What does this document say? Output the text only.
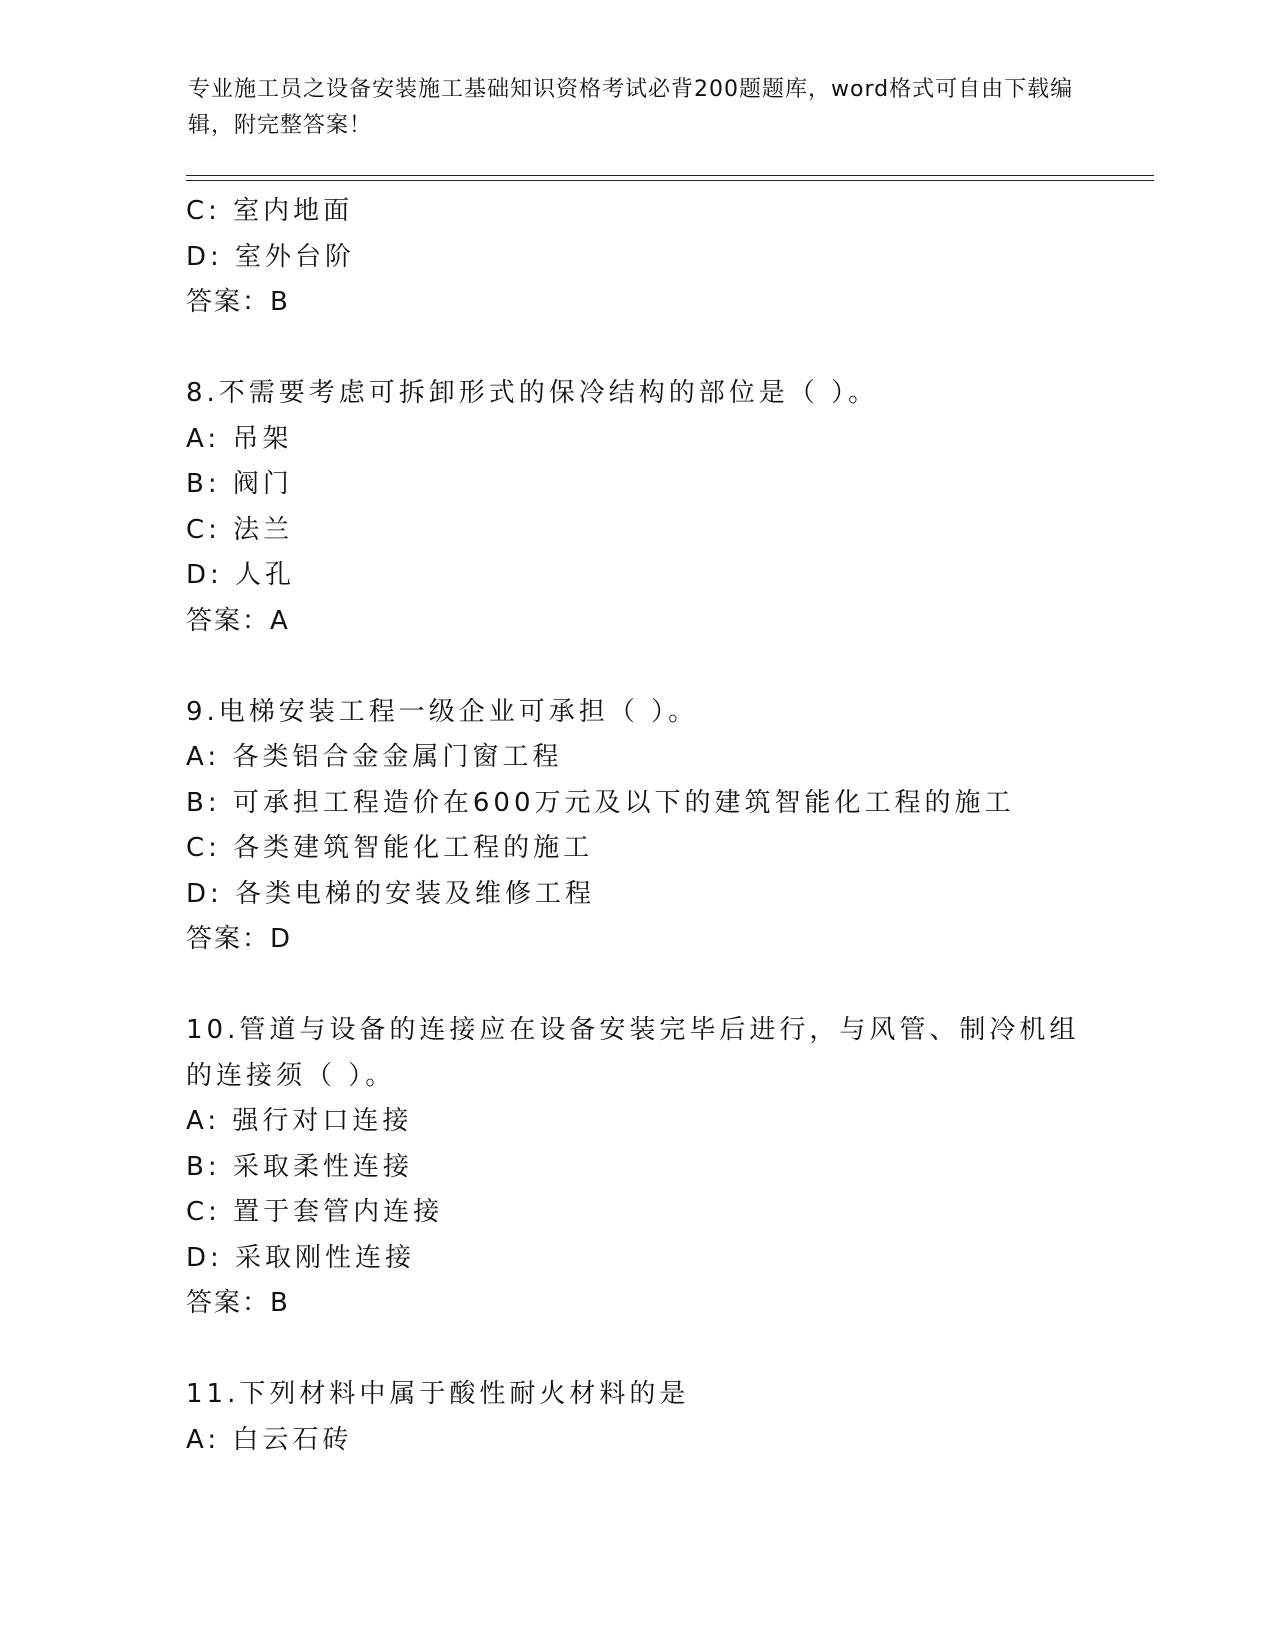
专业施工员之设备安装施工基础知识资格考试必背200题题库，word格式可自由下载编辑，附完整答案！
C: 室内地面
D: 室外台阶
答案：B
8.不需要考虑可拆卸形式的保冷结构的部位是（ ）。
A: 吊架
B: 阀门
C: 法兰
D: 人孔
答案：A
9.电梯安装工程一级企业可承担（ ）。
A: 各类铝合金金属门窗工程
B: 可承担工程造价在600万元及以下的建筑智能化工程的施工
C: 各类建筑智能化工程的施工
D: 各类电梯的安装及维修工程
答案：D
10.管道与设备的连接应在设备安装完毕后进行，与风管、制冷机组的连接须（ ）。
A: 强行对口连接
B: 采取柔性连接
C: 置于套管内连接
D: 采取刚性连接
答案：B
11.下列材料中属于酸性耐火材料的是
A: 白云石砖
